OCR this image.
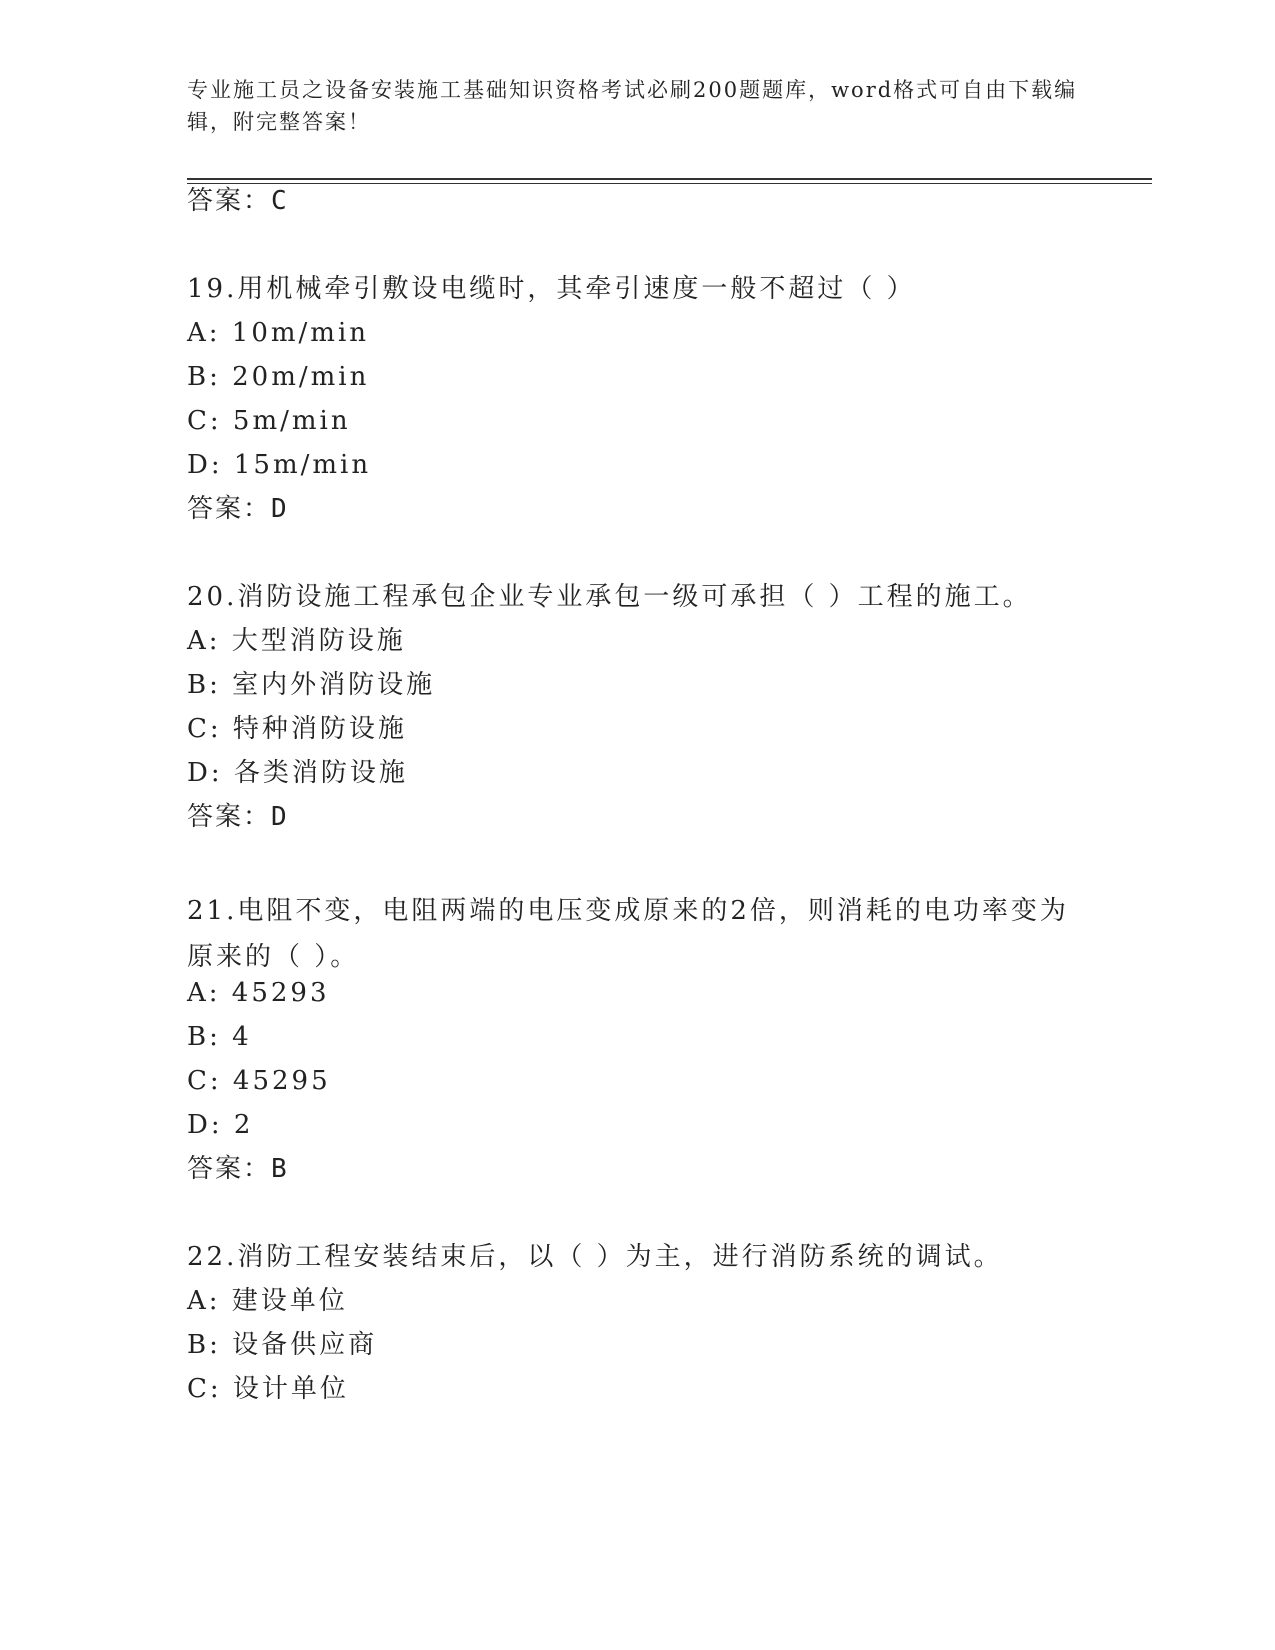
专业施工员之设备安装施工基础知识资格考试必刷200题题库，word格式可自由下载编辑，附完整答案！
答案：C
19.用机械牵引敷设电缆时，其牵引速度一般不超过（ ）
A: 10m/min
B: 20m/min
C: 5m/min
D: 15m/min
答案：D
20.消防设施工程承包企业专业承包一级可承担（ ）工程的施工。
A: 大型消防设施
B: 室内外消防设施
C: 特种消防设施
D: 各类消防设施
答案：D
21.电阻不变，电阻两端的电压变成原来的2倍，则消耗的电功率变为原来的（ ）。
A: 45293
B: 4
C: 45295
D: 2
答案：B
22.消防工程安装结束后，以（ ）为主，进行消防系统的调试。
A: 建设单位
B: 设备供应商
C: 设计单位
